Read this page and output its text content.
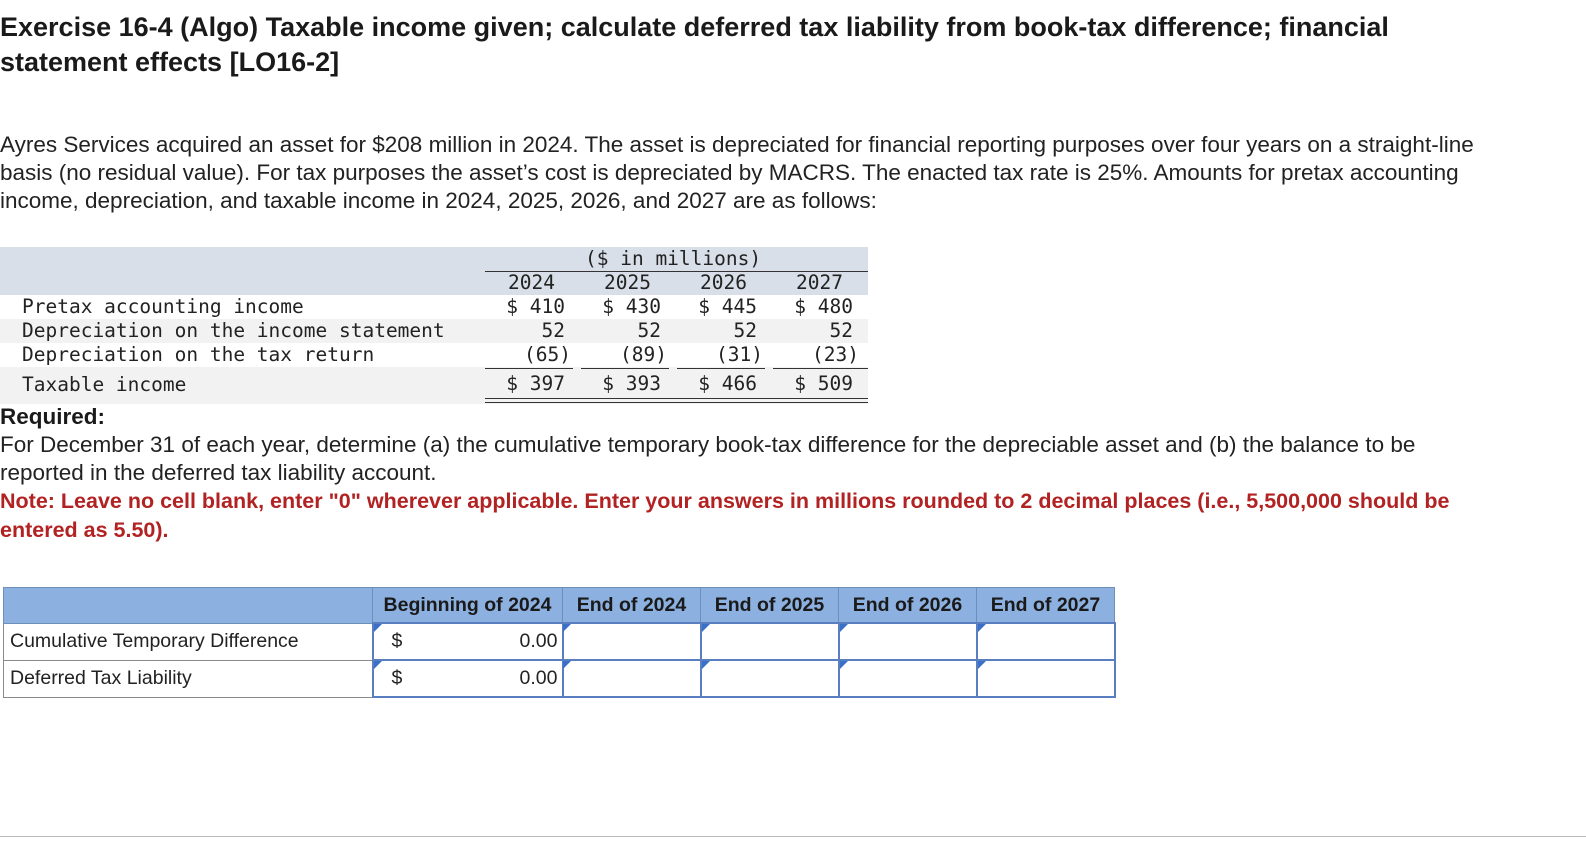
Exercise 16-4 (Algo) Taxable income given; calculate deferred tax liability from book-tax difference; financial statement effects [LO16-2]

Ayres Services acquired an asset for $208 million in 2024. The asset is depreciated for financial reporting purposes over four years on a straight-line basis (no residual value). For tax purposes the asset’s cost is depreciated by MACRS. The enacted tax rate is 25%. Amounts for pretax accounting income, depreciation, and taxable income in 2024, 2025, 2026, and 2027 are as follows:

($ in millions)
2024	2025	2026	2027
Pretax accounting income	$ 410	$ 430	$ 445	$ 480
Depreciation on the income statement	52	52	52	52
Depreciation on the tax return	(65)	(89)	(31)	(23)
Taxable income	$ 397	$ 393	$ 466	$ 509

Required:

For December 31 of each year, determine (a) the cumulative temporary book-tax difference for the depreciable asset and (b) the balance to be reported in the deferred tax liability account.

Note: Leave no cell blank, enter "0" wherever applicable. Enter your answers in millions rounded to 2 decimal places (i.e., 5,500,000 should be entered as 5.50).

	Beginning of 2024	End of 2024	End of 2025	End of 2026	End of 2027
Cumulative Temporary Difference	$ 0.00				

Deferred Tax Liability	$ 0.00				
